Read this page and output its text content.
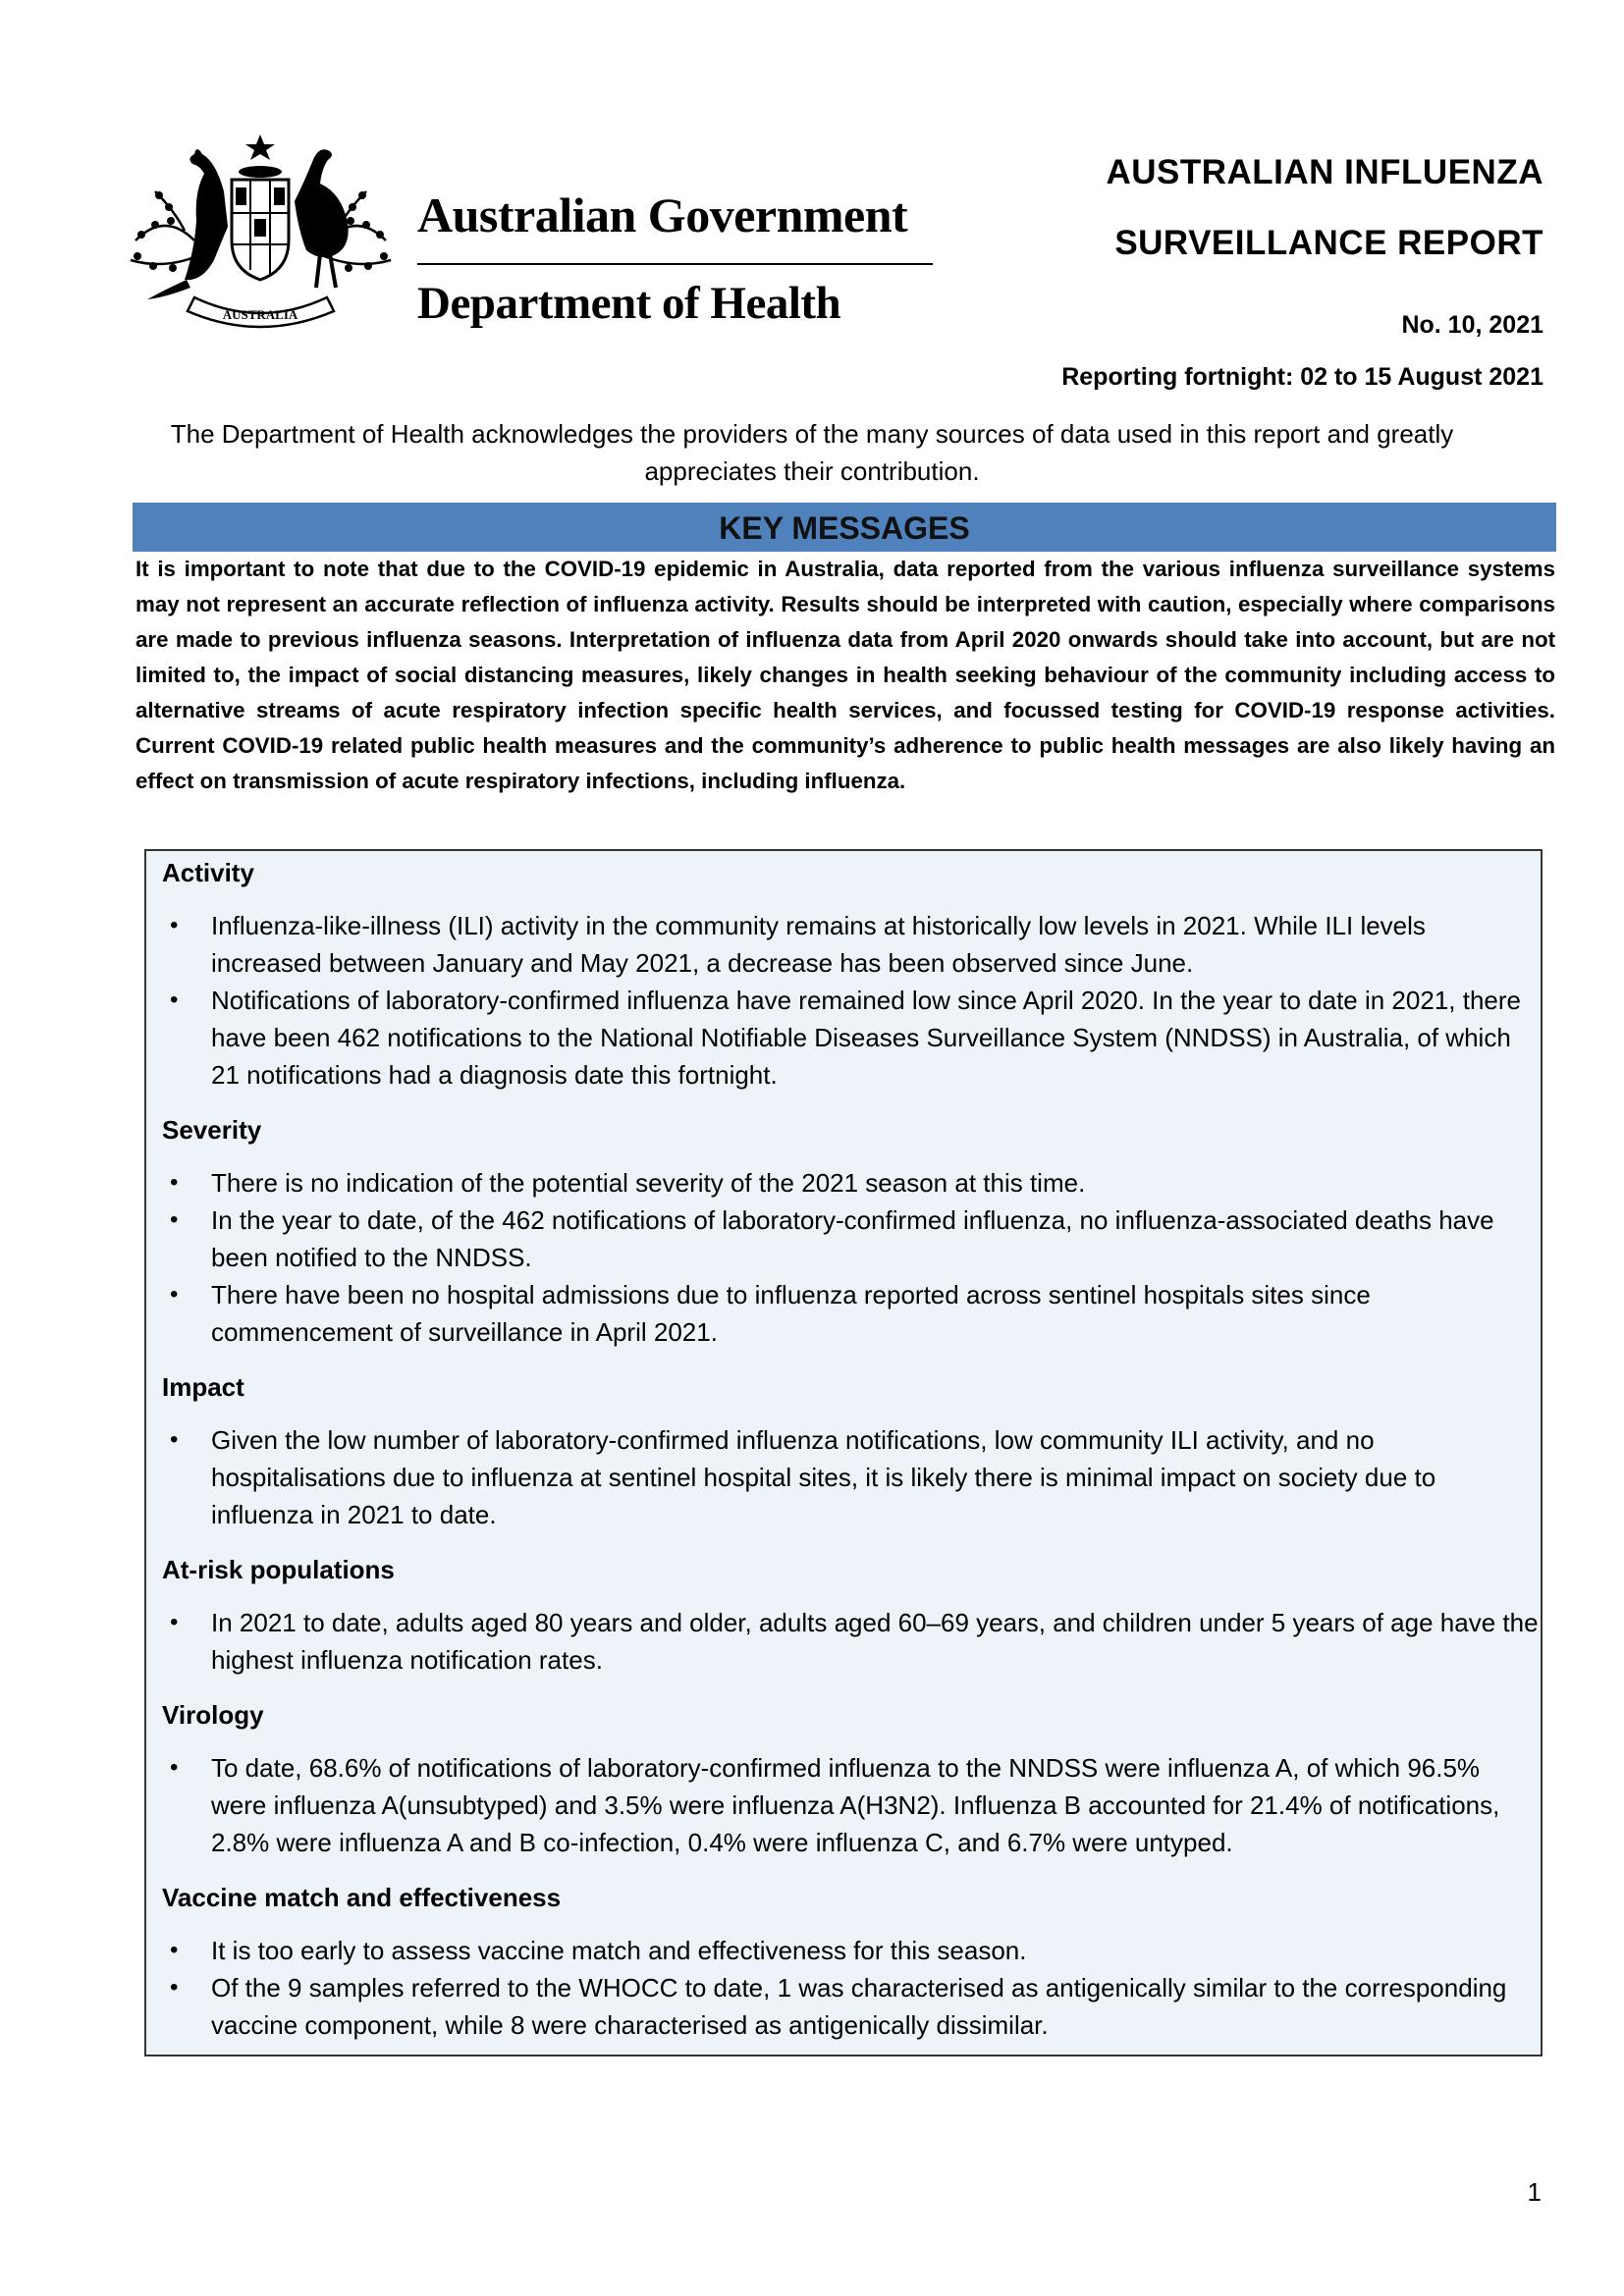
AUSTRALIA
Australian Government
Department of Health
AUSTRALIAN INFLUENZA
SURVEILLANCE REPORT
No. 10, 2021
Reporting fortnight: 02 to 15 August 2021
The Department of Health acknowledges the providers of the many sources of data used in this report and greatly appreciates their contribution.
KEY MESSAGES
It is important to note that due to the COVID-19 epidemic in Australia, data reported from the various influenza surveillance systems may not represent an accurate reflection of influenza activity. Results should be interpreted with caution, especially where comparisons are made to previous influenza seasons. Interpretation of influenza data from April 2020 onwards should take into account, but are not limited to, the impact of social distancing measures, likely changes in health seeking behaviour of the community including access to alternative streams of acute respiratory infection specific health services, and focussed testing for COVID-19 response activities. Current COVID-19 related public health measures and the community’s adherence to public health messages are also likely having an effect on transmission of acute respiratory infections, including influenza.
Activity
• Influenza-like-illness (ILI) activity in the community remains at historically low levels in 2021. While ILI levels increased between January and May 2021, a decrease has been observed since June.
• Notifications of laboratory-confirmed influenza have remained low since April 2020. In the year to date in 2021, there have been 462 notifications to the National Notifiable Diseases Surveillance System (NNDSS) in Australia, of which 21 notifications had a diagnosis date this fortnight.
Severity
• There is no indication of the potential severity of the 2021 season at this time.
• In the year to date, of the 462 notifications of laboratory-confirmed influenza, no influenza-associated deaths have been notified to the NNDSS.
• There have been no hospital admissions due to influenza reported across sentinel hospitals sites since commencement of surveillance in April 2021.
Impact
• Given the low number of laboratory-confirmed influenza notifications, low community ILI activity, and no hospitalisations due to influenza at sentinel hospital sites, it is likely there is minimal impact on society due to influenza in 2021 to date.
At-risk populations
• In 2021 to date, adults aged 80 years and older, adults aged 60–69 years, and children under 5 years of age have the highest influenza notification rates.
Virology
• To date, 68.6% of notifications of laboratory-confirmed influenza to the NNDSS were influenza A, of which 96.5% were influenza A(unsubtyped) and 3.5% were influenza A(H3N2). Influenza B accounted for 21.4% of notifications, 2.8% were influenza A and B co-infection, 0.4% were influenza C, and 6.7% were untyped.
Vaccine match and effectiveness
• It is too early to assess vaccine match and effectiveness for this season.
• Of the 9 samples referred to the WHOCC to date, 1 was characterised as antigenically similar to the corresponding vaccine component, while 8 were characterised as antigenically dissimilar.
1
